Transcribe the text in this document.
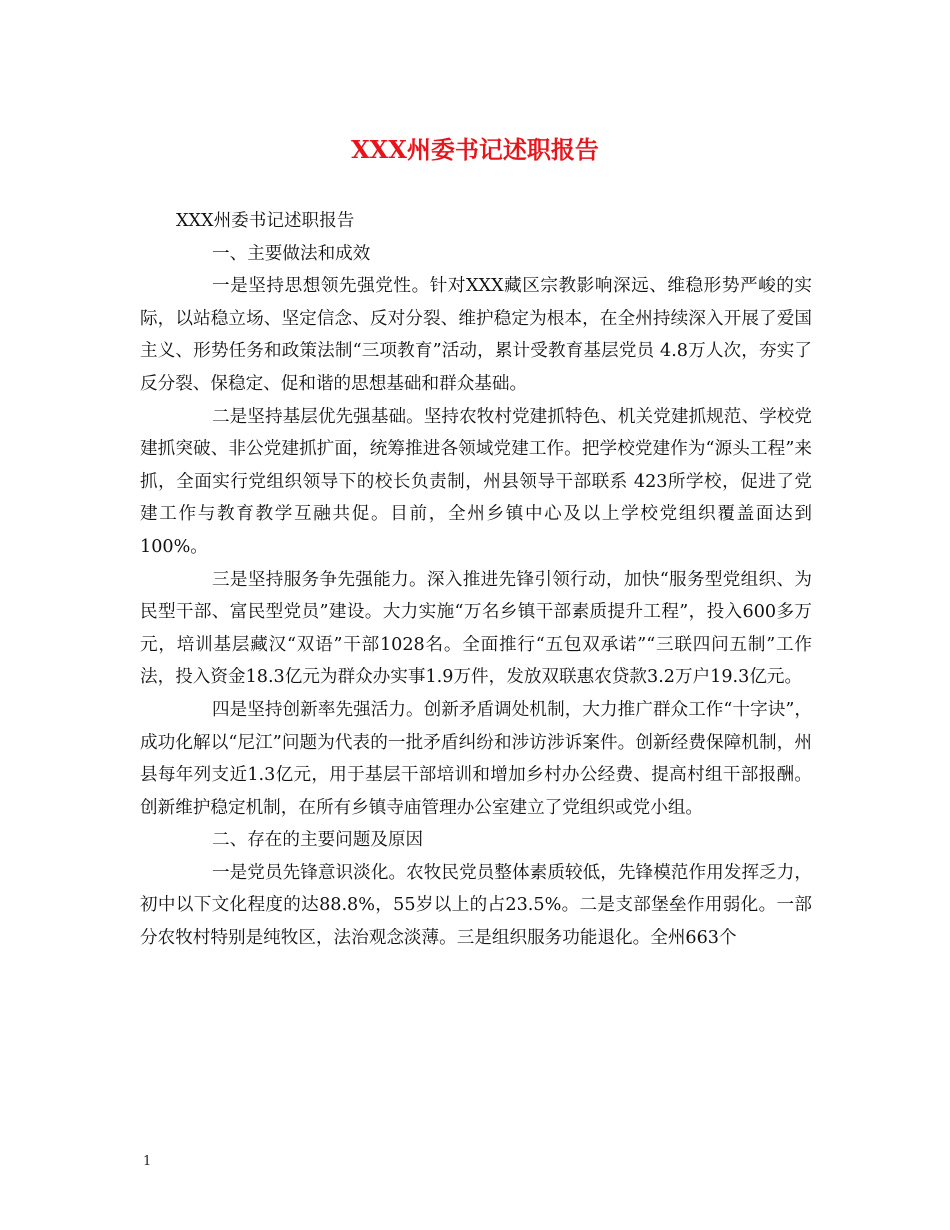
XXX州委书记述职报告

XXX州委书记述职报告

一、主要做法和成效

一是坚持思想领先强党性。针对XXX藏区宗教影响深远、维稳形势严峻的实际，以站稳立场、坚定信念、反对分裂、维护稳定为根本，在全州持续深入开展了爱国主义、形势任务和政策法制“三项教育”活动，累计受教育基层党员 4.8万人次，夯实了反分裂、保稳定、促和谐的思想基础和群众基础。

二是坚持基层优先强基础。坚持农牧村党建抓特色、机关党建抓规范、学校党建抓突破、非公党建抓扩面，统筹推进各领域党建工作。把学校党建作为“源头工程”来抓，全面实行党组织领导下的校长负责制，州县领导干部联系 423所学校，促进了党建工作与教育教学互融共促。目前，全州乡镇中心及以上学校党组织覆盖面达到100%。

三是坚持服务争先强能力。深入推进先锋引领行动，加快“服务型党组织、为民型干部、富民型党员”建设。大力实施“万名乡镇干部素质提升工程”，投入600多万元，培训基层藏汉“双语”干部1028名。全面推行“五包双承诺”“三联四问五制”工作法，投入资金18.3亿元为群众办实事1.9万件，发放双联惠农贷款3.2万户19.3亿元。

四是坚持创新率先强活力。创新矛盾调处机制，大力推广群众工作“十字诀”，成功化解以“尼江”问题为代表的一批矛盾纠纷和涉访涉诉案件。创新经费保障机制，州县每年列支近1.3亿元，用于基层干部培训和增加乡村办公经费、提高村组干部报酬。创新维护稳定机制，在所有乡镇寺庙管理办公室建立了党组织或党小组。

二、存在的主要问题及原因

一是党员先锋意识淡化。农牧民党员整体素质较低，先锋模范作用发挥乏力，初中以下文化程度的达88.8%，55岁以上的占23.5%。二是支部堡垒作用弱化。一部分农牧村特别是纯牧区，法治观念淡薄。三是组织服务功能退化。全州663个

1
